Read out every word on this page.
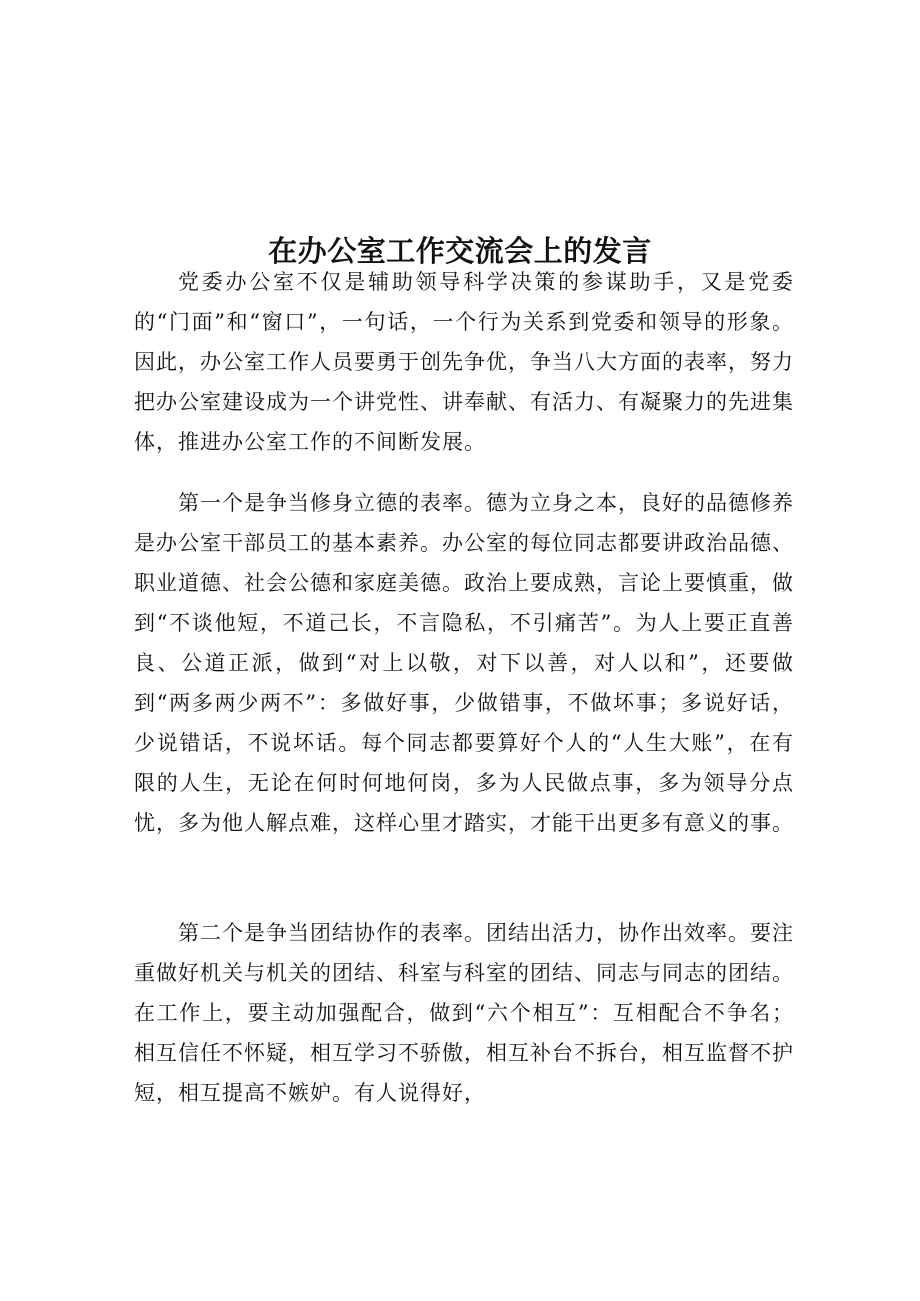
在办公室工作交流会上的发言

党委办公室不仅是辅助领导科学决策的参谋助手，又是党委的“门面”和“窗口”，一句话，一个行为关系到党委和领导的形象。因此，办公室工作人员要勇于创先争优，争当八大方面的表率，努力把办公室建设成为一个讲党性、讲奉献、有活力、有凝聚力的先进集体，推进办公室工作的不间断发展。

第一个是争当修身立德的表率。德为立身之本，良好的品德修养是办公室干部员工的基本素养。办公室的每位同志都要讲政治品德、职业道德、社会公德和家庭美德。政治上要成熟，言论上要慎重，做到“不谈他短，不道己长，不言隐私，不引痛苦”。为人上要正直善良、公道正派，做到“对上以敬，对下以善，对人以和”，还要做到“两多两少两不”：多做好事，少做错事，不做坏事；多说好话，少说错话，不说坏话。每个同志都要算好个人的“人生大账”，在有限的人生，无论在何时何地何岗，多为人民做点事，多为领导分点忧，多为他人解点难，这样心里才踏实，才能干出更多有意义的事。

第二个是争当团结协作的表率。团结出活力，协作出效率。要注重做好机关与机关的团结、科室与科室的团结、同志与同志的团结。在工作上，要主动加强配合，做到“六个相互”：互相配合不争名；相互信任不怀疑，相互学习不骄傲，相互补台不拆台，相互监督不护短，相互提高不嫉妒。有人说得好，
